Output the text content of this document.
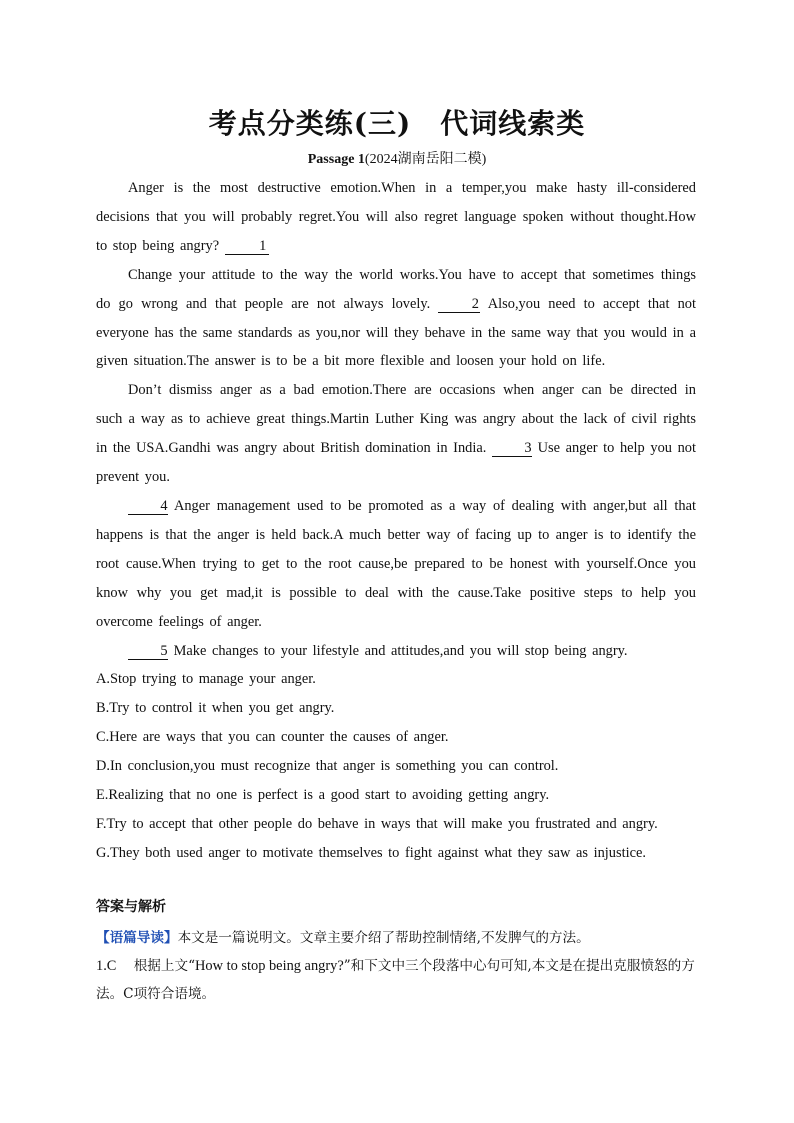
考点分类练(三)　代词线索类
Passage 1(2024湖南岳阳二模)

Anger is the most destructive emotion.When in a temper,you make hasty ill-considered decisions that you will probably regret.You will also regret language spoken without thought.How to stop being angry?	1

Change your attitude to the way the world works.You have to accept that sometimes things do go wrong and that people are not always lovely.	2 Also,you need to accept that not everyone has the same standards as you,nor will they behave in the same way that you would in a given situation.The answer is to be a bit more flexible and loosen your hold on life.

Don’t dismiss anger as a bad emotion.There are occasions when anger can be directed in such a way as to achieve great things.Martin Luther King was angry about the lack of civil rights in the USA.Gandhi was angry about British domination in India.	3 Use anger to help you not prevent you.

4 Anger management used to be promoted as a way of dealing with anger,but all that happens is that the anger is held back.A much better way of facing up to anger is to identify the root cause.When trying to get to the root cause,be prepared to be honest with yourself.Once you know why you get mad,it is possible to deal with the cause.Take positive steps to help you overcome feelings of anger.

5 Make changes to your lifestyle and attitudes,and you will stop being angry.

A.Stop trying to manage your anger.

B.Try to control it when you get angry.

C.Here are ways that you can counter the causes of anger.

D.In conclusion,you must recognize that anger is something you can control.

E.Realizing that no one is perfect is a good start to avoiding getting angry.

F.Try to accept that other people do behave in ways that will make you frustrated and angry.

G.They both used anger to motivate themselves to fight against what they saw as injustice.

答案与解析
【语篇导读】本文是一篇说明文。文章主要介绍了帮助控制情绪,不发脾气的方法。
1.C 根据上文“How to stop being angry?”和下文中三个段落中心句可知,本文是在提出克服愤怒的方法。C项符合语境。
